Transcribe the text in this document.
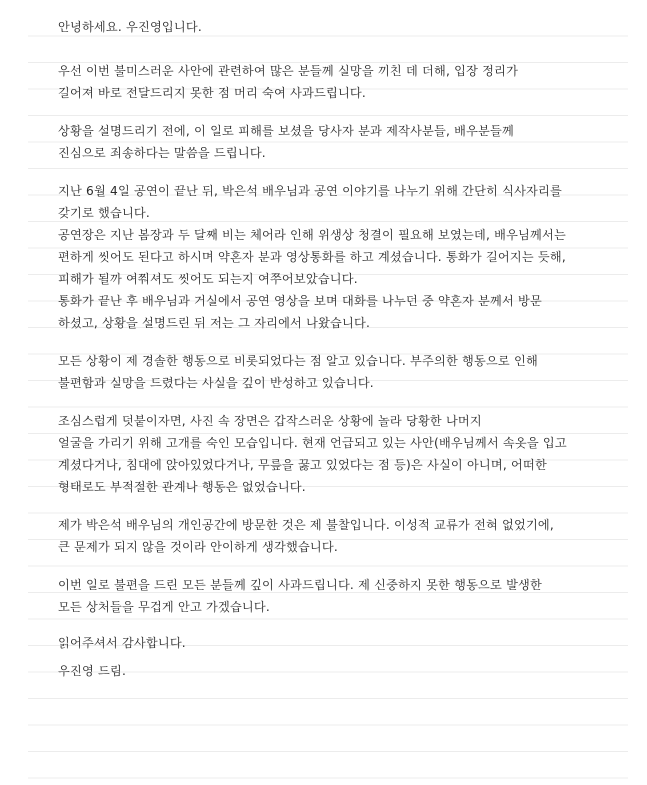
안녕하세요. 우진영입니다.
우선 이번 불미스러운 사안에 관련하여 많은 분들께 실망을 끼친 데 더해, 입장 정리가
길어져 바로 전달드리지 못한 점 머리 숙여 사과드립니다.
상황을 설명드리기 전에, 이 일로 피해를 보셨을 당사자 분과 제작사분들, 배우분들께
진심으로 죄송하다는 말씀을 드립니다.
지난 6월 4일 공연이 끝난 뒤, 박은석 배우님과 공연 이야기를 나누기 위해 간단히 식사자리를
갖기로 했습니다.
공연장은 지난 봄장과 두 달째 비는 체어라 인해 위생상 청결이 필요해 보였는데, 배우님께서는
편하게 씻어도 된다고 하시며 약혼자 분과 영상통화를 하고 계셨습니다. 통화가 길어지는 듯해,
피해가 될까 여쭤셔도 씻어도 되는지 여쭈어보았습니다.
통화가 끝난 후 배우님과 거실에서 공연 영상을 보며 대화를 나누던 중 약혼자 분께서 방문
하셨고, 상황을 설명드린 뒤 저는 그 자리에서 나왔습니다.
모든 상황이 제 경솔한 행동으로 비롯되었다는 점 알고 있습니다. 부주의한 행동으로 인해
불편함과 실망을 드렸다는 사실을 깊이 반성하고 있습니다.
조심스럽게 덧붙이자면, 사진 속 장면은 갑작스러운 상황에 놀라 당황한 나머지
얼굴을 가리기 위해 고개를 숙인 모습입니다. 현재 언급되고 있는 사안(배우님께서 속옷을 입고
계셨다거나, 침대에 앉아있었다거나, 무릎을 꿇고 있었다는 점 등)은 사실이 아니며, 어떠한
형태로도 부적절한 관계나 행동은 없었습니다.
제가 박은석 배우님의 개인공간에 방문한 것은 제 불찰입니다. 이성적 교류가 전혀 없었기에,
큰 문제가 되지 않을 것이라 안이하게 생각했습니다.
이번 일로 불편을 드린 모든 분들께 깊이 사과드립니다. 제 신중하지 못한 행동으로 발생한
모든 상처들을 무겁게 안고 가겠습니다.
읽어주셔서 감사합니다.
우진영 드림.
